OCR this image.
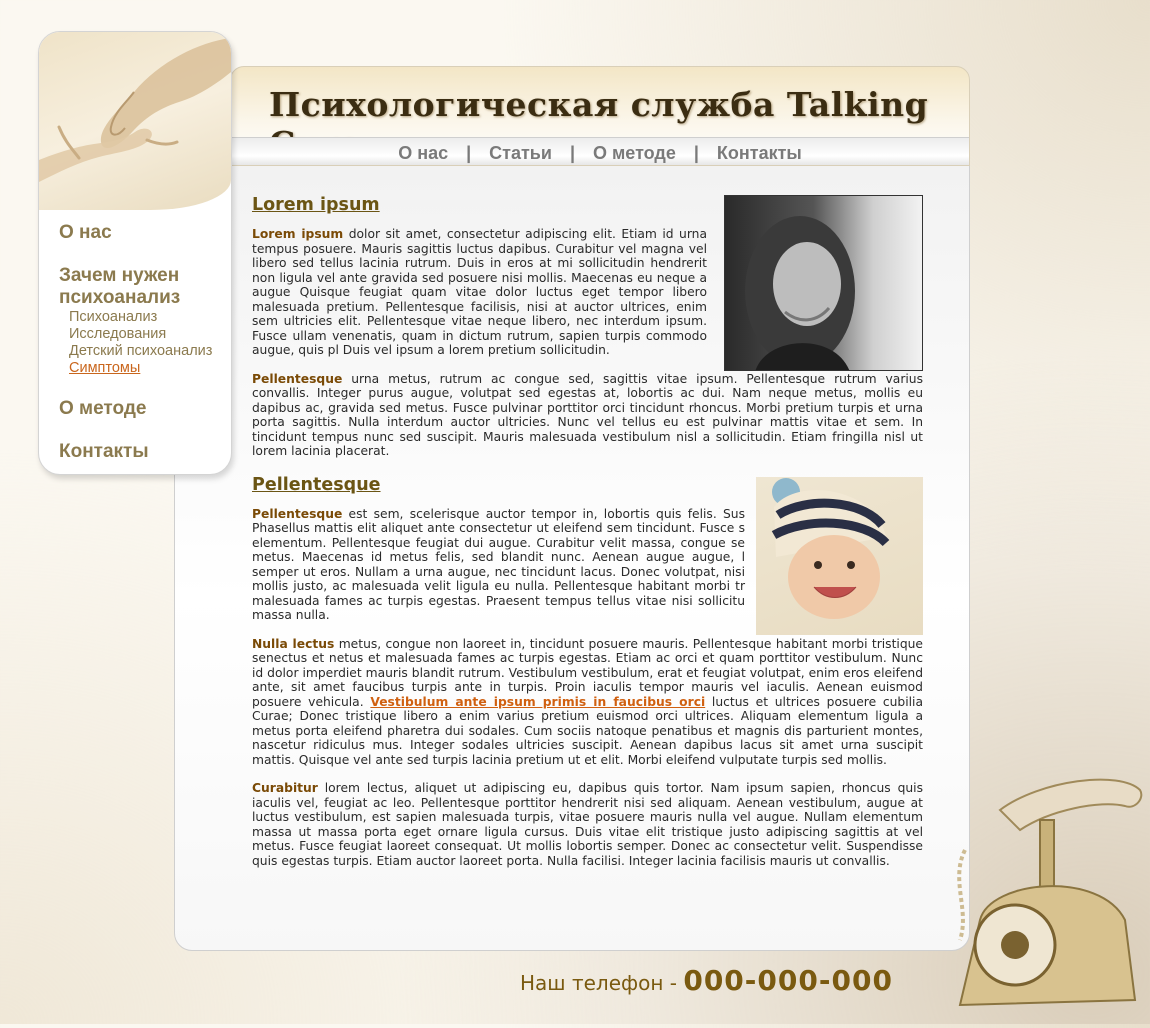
Психологическая служба Talking
О нас	|	Статьи	|	О методе	|	Контакты
О нас
Зачем нужен психоанализ
Психоанализ
Исследования
Детский психоанализ
Симптомы
О методе
Контакты
Lorem ipsum

Lorem ipsum dolor sit amet, consectetur adipiscing elit. Etiam id urna tempus posuere. Mauris sagittis luctus dapibus. Curabitur vel magna vel libero sed tellus lacinia rutrum. Duis in eros at mi sollicitudin hendrerit non ligula vel ante gravida sed posuere nisi mollis. Maecenas eu neque a augue Quisque feugiat quam vitae dolor luctus eget tempor libero malesuada pretium. Pellentesque facilisis, nisi at auctor ultrices, enim sem ultricies elit. Pellentesque vitae neque libero, nec interdum ipsum. Fusce ullam venenatis, quam in dictum rutrum, sapien turpis commodo augue, quis pl Duis vel ipsum a lorem pretium sollicitudin.

Pellentesque urna metus, rutrum ac congue sed, sagittis vitae ipsum. Pellentesque rutrum varius convallis. Integer purus augue, volutpat sed egestas at, lobortis ac dui. Nam neque metus, mollis eu dapibus ac, gravida sed metus. Fusce pulvinar porttitor orci tincidunt rhoncus. Morbi pretium turpis et urna porta sagittis. Nulla interdum auctor ultricies. Nunc vel tellus eu est pulvinar mattis vitae et sem. In tincidunt tempus nunc sed suscipit. Mauris malesuada vestibulum nisl a sollicitudin. Etiam fringilla nisl ut lorem lacinia placerat.

Pellentesque

Pellentesque est sem, scelerisque auctor tempor in, lobortis quis felis. Sus Phasellus mattis elit aliquet ante consectetur ut eleifend sem tincidunt. Fusce s elementum. Pellentesque feugiat dui augue. Curabitur velit massa, congue se metus. Maecenas id metus felis, sed blandit nunc. Aenean augue augue, l semper ut eros. Nullam a urna augue, nec tincidunt lacus. Donec volutpat, nisi mollis justo, ac malesuada velit ligula eu nulla. Pellentesque habitant morbi tr malesuada fames ac turpis egestas. Praesent tempus tellus vitae nisi sollicitu massa nulla.

Nulla lectus metus, congue non laoreet in, tincidunt posuere mauris. Pellentesque habitant morbi tristique senectus et netus et malesuada fames ac turpis egestas. Etiam ac orci et quam porttitor vestibulum. Nunc id dolor imperdiet mauris blandit rutrum. Vestibulum vestibulum, erat et feugiat volutpat, enim eros eleifend ante, sit amet faucibus turpis ante in turpis. Proin iaculis tempor mauris vel iaculis. Aenean euismod posuere vehicula. Vestibulum ante ipsum primis in faucibus orci luctus et ultrices posuere cubilia Curae; Donec tristique libero a enim varius pretium euismod orci ultrices. Aliquam elementum ligula a metus porta eleifend pharetra dui sodales. Cum sociis natoque penatibus et magnis dis parturient montes, nascetur ridiculus mus. Integer sodales ultricies suscipit. Aenean dapibus lacus sit amet urna suscipit mattis. Quisque vel ante sed turpis lacinia pretium ut et elit. Morbi eleifend vulputate turpis sed mollis.

Curabitur lorem lectus, aliquet ut adipiscing eu, dapibus quis tortor. Nam ipsum sapien, rhoncus quis iaculis vel, feugiat ac leo. Pellentesque porttitor hendrerit nisi sed aliquam. Aenean vestibulum, augue at luctus vestibulum, est sapien malesuada turpis, vitae posuere mauris nulla vel augue. Nullam elementum massa ut massa porta eget ornare ligula cursus. Duis vitae elit tristique justo adipiscing sagittis at vel metus. Fusce feugiat laoreet consequat. Ut mollis lobortis semper. Donec ac consectetur velit. Suspendisse quis egestas turpis. Etiam auctor laoreet porta. Nulla facilisi. Integer lacinia facilisis mauris ut convallis.

Наш телефон - 000-000-000
